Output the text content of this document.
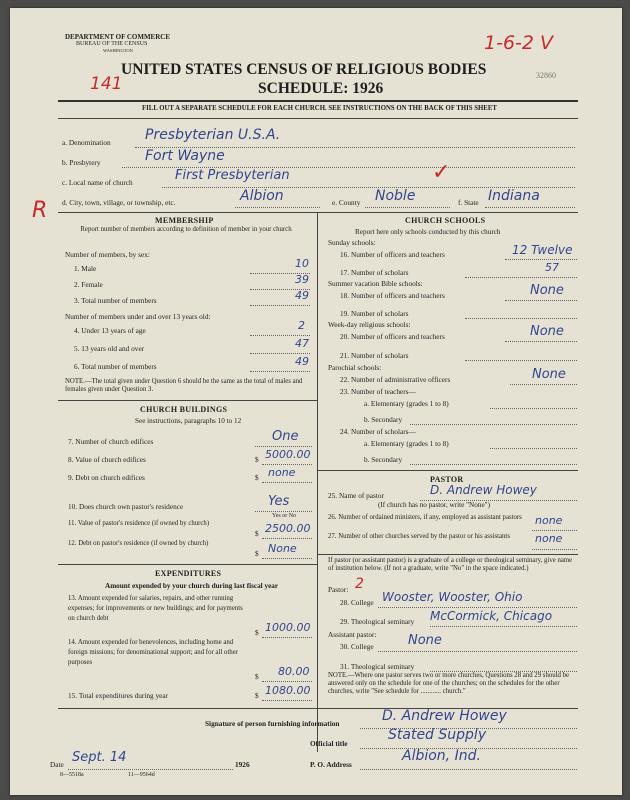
DEPARTMENT OF COMMERCE
BUREAU OF THE CENSUS
WASHINGTON
141
1-6-2 V
32860
UNITED STATES CENSUS OF RELIGIOUS BODIES
SCHEDULE: 1926
FILL OUT A SEPARATE SCHEDULE FOR EACH CHURCH. SEE INSTRUCTIONS ON THE BACK OF THIS SHEET
a. Denomination Presbyterian U.S.A.
b. Presbytery	Fort Wayne
c. Local name of church	First Presbyterian
d. City, town, village, or township, etc.	Albion	e. County Noble	f. State Indiana
✓
R	MEMBERSHIP
Report number of members according to definition of member in your church
Number of members, by sex:
1. Male	10
2. Female	39
3. Total number of members	49
Number of members under and over 13 years old:
4. Under 13 years of age	2
5. 13 years old and over	47
6. Total number of members	49
NOTE.—The total given under Question 6 should be the same as the total of males and females given under Question 3.
CHURCH BUILDINGS
See instructions, paragraphs 10 to 12
7. Number of church edifices	One
8. Value of church edifices	$ 5000.00
9. Debt on church edifices	$ none
10. Does church own pastor's residence	Yes
Yes or No
11. Value of pastor's residence (if owned by church)
$ 2500.00
12. Debt on pastor's residence (if owned by church)
$ None
EXPENDITURES
Amount expended by your church during last fiscal year
13. Amount expended for salaries, repairs, and other running expenses; for improvements or new buildings; and for payments on church debt
$ 1000.00
14. Amount expended for benevolences, including home and foreign missions; for denominational support; and for all other purposes
$ 80.00
15. Total expenditures during year	$ 1080.00
CHURCH SCHOOLS
Report here only schools conducted by this church
Sunday schools:
16. Number of officers and teachers	12 Twelve
17. Number of scholars	57
Summer vacation Bible schools:
18. Number of officers and teachers	None
19. Number of scholars
Week-day religious schools:
20. Number of officers and teachers	None
21. Number of scholars
Parochial schools:
22. Number of administrative officers	None
23. Number of teachers—
a. Elementary (grades 1 to 8)
b. Secondary
24. Number of scholars—
a. Elementary (grades 1 to 8)
b. Secondary
PASTOR
25. Name of pastor	D. Andrew Howey
(If church has no pastor, write "None")
26. Number of ordained ministers, if any, employed as assistant pastors	none
27. Number of other churches served by the pastor or his assistants	none
If pastor (or assistant pastor) is a graduate of a college or theological seminary, give name of institution below. (If not a graduate, write "No" in the space indicated.)
Pastor: 2
28. College Wooster, Wooster, Ohio
29. Theological seminary McCormick, Chicago
Assistant pastor:
30. College	None
31. Theological seminary
NOTE.—Where one pastor serves two or more churches, Questions 28 and 29 should be answered only on the schedule for one of the churches; on the schedules for the other churches, write "See schedule for ............ church."
Signature of person furnishing information	D. Andrew Howey
Official title
Stated Supply
Date Sept. 14	1926	P. O. Address
Albion, Ind.
8—5518a	11—9564d
